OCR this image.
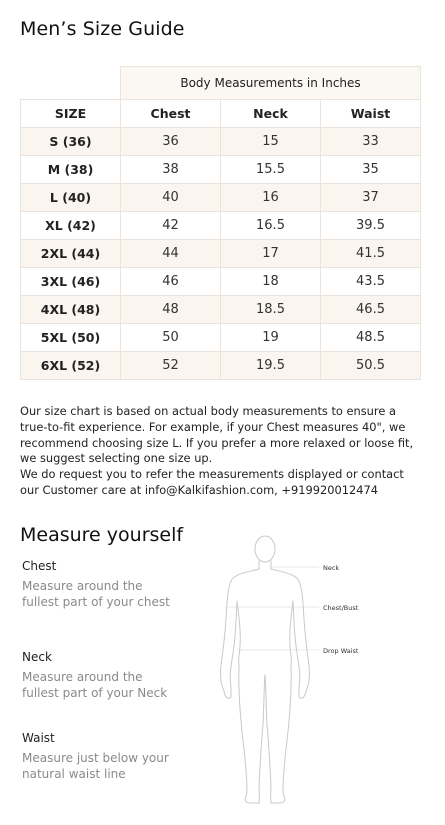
Men’s Size Guide
	Body Measurements in Inches		
SIZE	Chest	Neck	Waist
S (36)	36	15	33
M (38)	38	15.5	35
L (40)	40	16	37
XL (42)	42	16.5	39.5
2XL (44)	44	17	41.5
3XL (46)	46	18	43.5
4XL (48)	48	18.5	46.5
5XL (50)	50	19	48.5
6XL (52)	52	19.5	50.5

Our size chart is based on actual body measurements to ensure a true-to-fit experience. For example, if your Chest measures 40", we recommend choosing size L. If you prefer a more relaxed or loose fit, we suggest selecting one size up.

We do request you to refer the measurements displayed or contact our Customer care at info@Kalkifashion.com, +919920012474

Measure yourself
Chest
Measure around the fullest part of your chest
Neck
Measure around the fullest part of your Neck
Waist
Measure just below your natural waist line
Neck
Chest/Bust
Drop Waist
